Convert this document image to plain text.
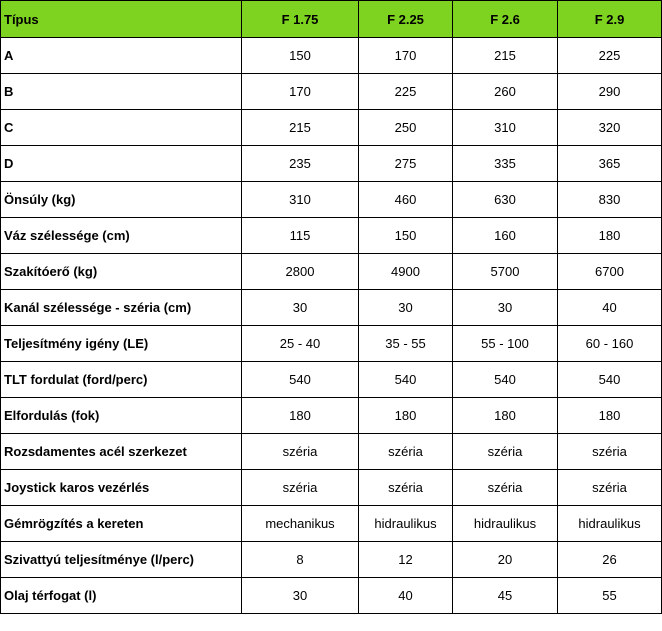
Típus	F 1.75	F 2.25	F 2.6	F 2.9
A	150	170	215	225
B	170	225	260	290
C	215	250	310	320
D	235	275	335	365
Önsúly (kg)	310	460	630	830
Váz szélessége (cm)	115	150	160	180
Szakítóerő (kg)	2800	4900	5700	6700
Kanál szélessége - széria (cm)	30	30	30	40
Teljesítmény igény (LE)	25 - 40	35 - 55	55 - 100	60 - 160
TLT fordulat (ford/perc)	540	540	540	540
Elfordulás (fok)	180	180	180	180
Rozsdamentes acél szerkezet	széria	széria	széria	széria
Joystick karos vezérlés	széria	széria	széria	széria
Gémrögzítés a kereten	mechanikus	hidraulikus	hidraulikus	hidraulikus
Szivattyú teljesítménye (l/perc)	8	12	20	26
Olaj térfogat (l)	30	40	45	55
